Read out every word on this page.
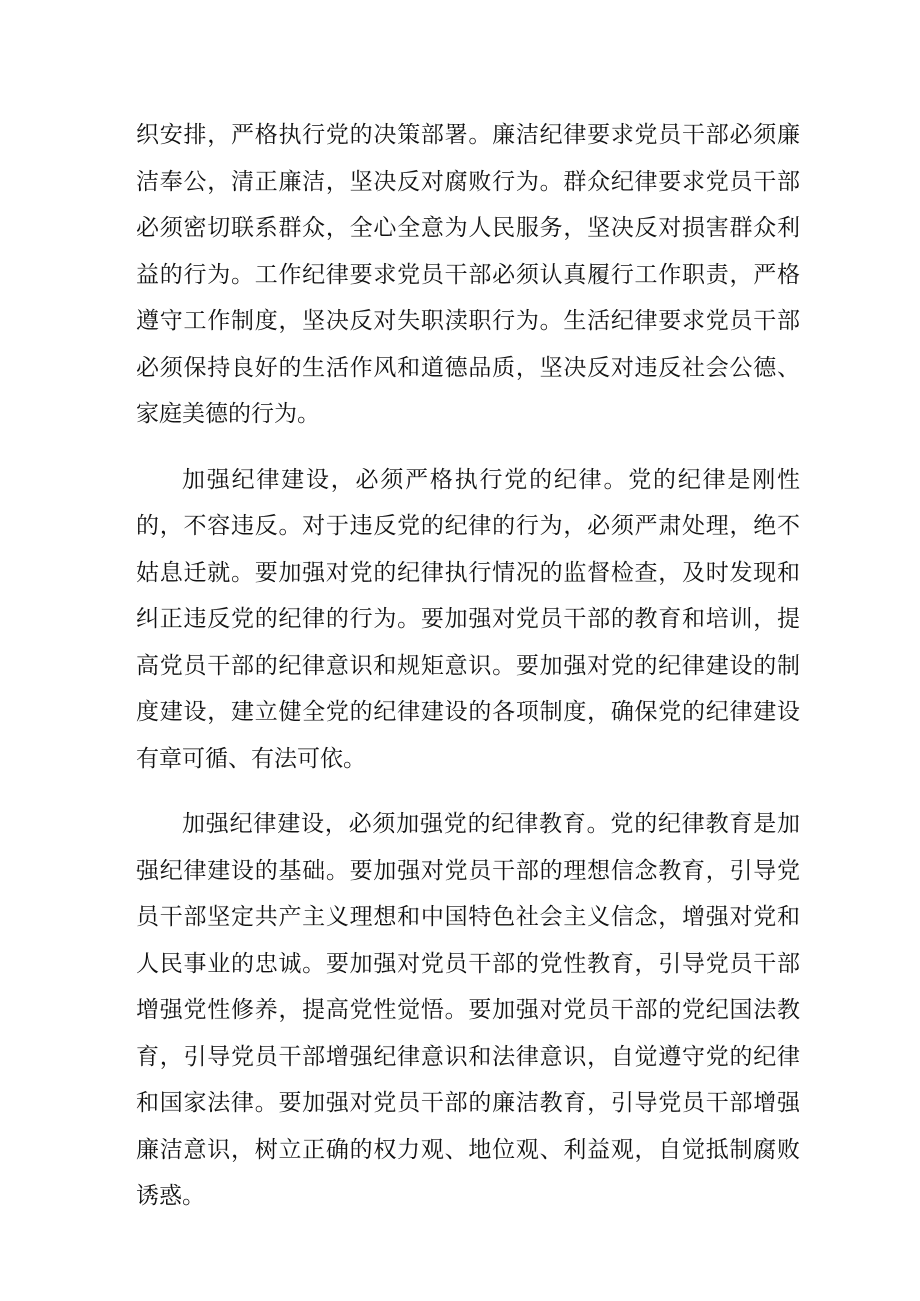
织安排，严格执行党的决策部署。廉洁纪律要求党员干部必须廉洁奉公，清正廉洁，坚决反对腐败行为。群众纪律要求党员干部必须密切联系群众，全心全意为人民服务，坚决反对损害群众利益的行为。工作纪律要求党员干部必须认真履行工作职责，严格遵守工作制度，坚决反对失职渎职行为。生活纪律要求党员干部必须保持良好的生活作风和道德品质，坚决反对违反社会公德、家庭美德的行为。

加强纪律建设，必须严格执行党的纪律。党的纪律是刚性的，不容违反。对于违反党的纪律的行为，必须严肃处理，绝不姑息迁就。要加强对党的纪律执行情况的监督检查，及时发现和纠正违反党的纪律的行为。要加强对党员干部的教育和培训，提高党员干部的纪律意识和规矩意识。要加强对党的纪律建设的制度建设，建立健全党的纪律建设的各项制度，确保党的纪律建设有章可循、有法可依。

加强纪律建设，必须加强党的纪律教育。党的纪律教育是加强纪律建设的基础。要加强对党员干部的理想信念教育，引导党员干部坚定共产主义理想和中国特色社会主义信念，增强对党和人民事业的忠诚。要加强对党员干部的党性教育，引导党员干部增强党性修养，提高党性觉悟。要加强对党员干部的党纪国法教育，引导党员干部增强纪律意识和法律意识，自觉遵守党的纪律和国家法律。要加强对党员干部的廉洁教育，引导党员干部增强廉洁意识，树立正确的权力观、地位观、利益观，自觉抵制腐败诱惑。
